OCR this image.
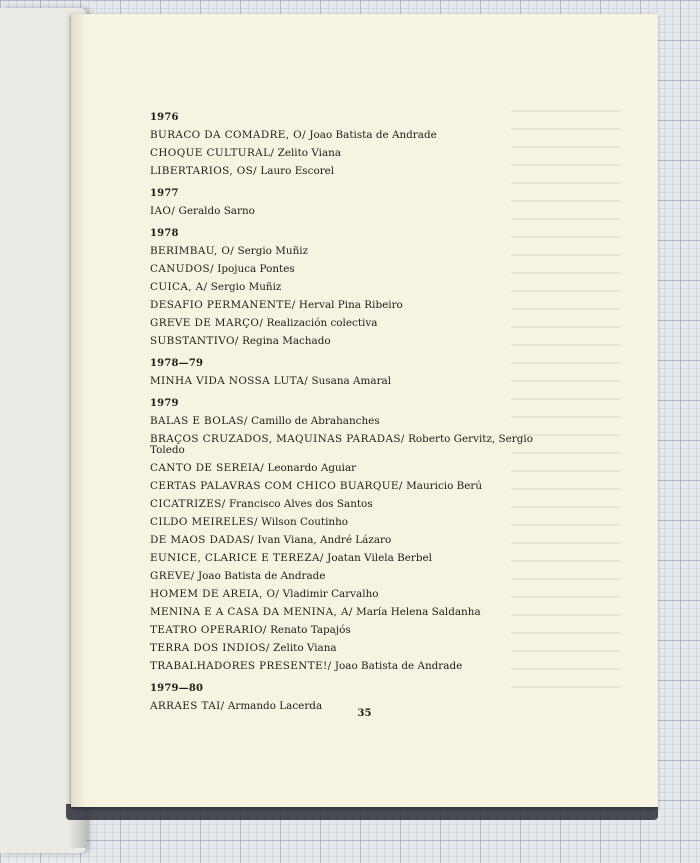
1976
BURACO DA COMADRE, O/ Joao Batista de Andrade
CHOQUE CULTURAL/ Zelito Viana
LIBERTARIOS, OS/ Lauro Escorel
1977
IAO/ Geraldo Sarno
1978
BERIMBAU, O/ Sergio Muñiz
CANUDOS/ Ipojuca Pontes
CUICA, A/ Sergio Muñiz
DESAFIO PERMANENTE/ Herval Pina Ribeiro
GREVE DE MARÇO/ Realización colectiva
SUBSTANTIVO/ Regina Machado
1978—79
MINHA VIDA NOSSA LUTA/ Susana Amaral
1979
BALAS E BOLAS/ Camillo de Abrahanches
BRAÇOS CRUZADOS, MAQUINAS PARADAS/ Roberto Gervitz, Sergio Toledo
CANTO DE SEREIA/ Leonardo Aguiar
CERTAS PALAVRAS COM CHICO BUARQUE/ Mauricio Berú
CICATRIZES/ Francisco Alves dos Santos
CILDO MEIRELES/ Wilson Coutinho
DE MAOS DADAS/ Ivan Viana, André Lázaro
EUNICE, CLARICE E TEREZA/ Joatan Vilela Berbel
GREVE/ Joao Batista de Andrade
HOMEM DE AREIA, O/ Vladimir Carvalho
MENINA E A CASA DA MENINA, A/ María Helena Saldanha
TEATRO OPERARIO/ Renato Tapajós
TERRA DOS INDIOS/ Zelito Viana
TRABALHADORES PRESENTE!/ Joao Batista de Andrade
1979—80
ARRAES TAI/ Armando Lacerda
35
